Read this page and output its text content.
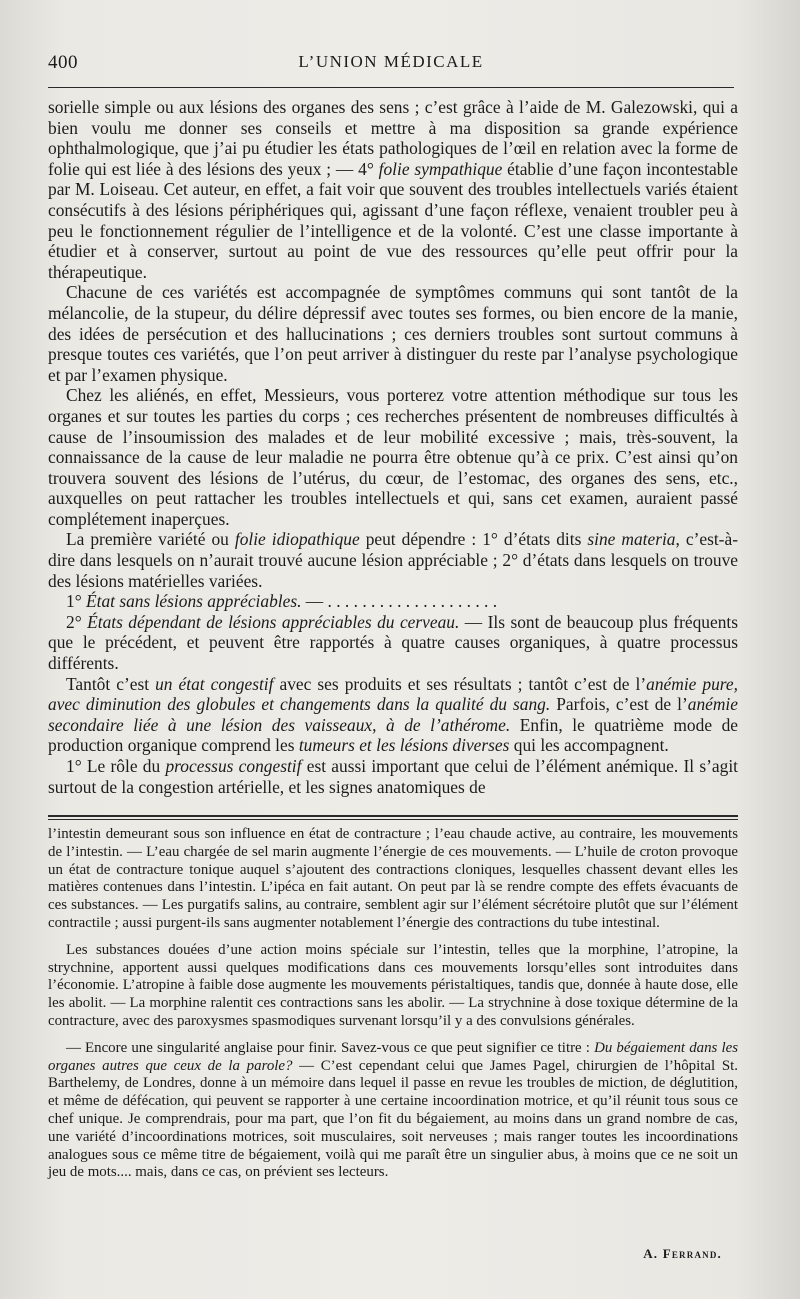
400	L’UNION MÉDICALE

sorielle simple ou aux lésions des organes des sens ; c’est grâce à l’aide de M. Galezowski, qui a bien voulu me donner ses conseils et mettre à ma disposition sa grande expérience ophthalmologique, que j’ai pu étudier les états pathologiques de l’œil en relation avec la forme de folie qui est liée à des lésions des yeux ; — 4° folie sympathique établie d’une façon incontestable par M. Loiseau. Cet auteur, en effet, a fait voir que souvent des troubles intellectuels variés étaient consécutifs à des lésions périphériques qui, agissant d’une façon réflexe, venaient troubler peu à peu le fonctionnement régulier de l’intelligence et de la volonté. C’est une classe importante à étudier et à conserver, surtout au point de vue des ressources qu’elle peut offrir pour la thérapeutique.

Chacune de ces variétés est accompagnée de symptômes communs qui sont tantôt de la mélancolie, de la stupeur, du délire dépressif avec toutes ses formes, ou bien encore de la manie, des idées de persécution et des hallucinations ; ces derniers troubles sont surtout communs à presque toutes ces variétés, que l’on peut arriver à distinguer du reste par l’analyse psychologique et par l’examen physique.

Chez les aliénés, en effet, Messieurs, vous porterez votre attention méthodique sur tous les organes et sur toutes les parties du corps ; ces recherches présentent de nombreuses difficultés à cause de l’insoumission des malades et de leur mobilité excessive ; mais, très-souvent, la connaissance de la cause de leur maladie ne pourra être obtenue qu’à ce prix. C’est ainsi qu’on trouvera souvent des lésions de l’utérus, du cœur, de l’estomac, des organes des sens, etc., auxquelles on peut rattacher les troubles intellectuels et qui, sans cet examen, auraient passé complétement inaperçues.

La première variété ou folie idiopathique peut dépendre : 1° d’états dits sine materia, c’est-à-dire dans lesquels on n’aurait trouvé aucune lésion appréciable ; 2° d’états dans lesquels on trouve des lésions matérielles variées.

1° État sans lésions appréciables. — . . . . . . . . . . . . . . . . . . . .

2° États dépendant de lésions appréciables du cerveau. — Ils sont de beaucoup plus fréquents que le précédent, et peuvent être rapportés à quatre causes organiques, à quatre processus différents.

Tantôt c’est un état congestif avec ses produits et ses résultats ; tantôt c’est de l’anémie pure, avec diminution des globules et changements dans la qualité du sang. Parfois, c’est de l’anémie secondaire liée à une lésion des vaisseaux, à de l’athérome. Enfin, le quatrième mode de production organique comprend les tumeurs et les lésions diverses qui les accompagnent.

1° Le rôle du processus congestif est aussi important que celui de l’élément anémique. Il s’agit surtout de la congestion artérielle, et les signes anatomiques de

l’intestin demeurant sous son influence en état de contracture ; l’eau chaude active, au contraire, les mouvements de l’intestin. — L’eau chargée de sel marin augmente l’énergie de ces mouvements. — L’huile de croton provoque un état de contracture tonique auquel s’ajoutent des contractions cloniques, lesquelles chassent devant elles les matières contenues dans l’intestin. L’ipéca en fait autant. On peut par là se rendre compte des effets évacuants de ces substances. — Les purgatifs salins, au contraire, semblent agir sur l’élément sécrétoire plutôt que sur l’élément contractile ; aussi purgent-ils sans augmenter notablement l’énergie des contractions du tube intestinal.

Les substances douées d’une action moins spéciale sur l’intestin, telles que la morphine, l’atropine, la strychnine, apportent aussi quelques modifications dans ces mouvements lorsqu’elles sont introduites dans l’économie. L’atropine à faible dose augmente les mouvements péristaltiques, tandis que, donnée à haute dose, elle les abolit. — La morphine ralentit ces contractions sans les abolir. — La strychnine à dose toxique détermine de la contracture, avec des paroxysmes spasmodiques survenant lorsqu’il y a des convulsions générales.

— Encore une singularité anglaise pour finir. Savez-vous ce que peut signifier ce titre : Du bégaiement dans les organes autres que ceux de la parole? — C’est cependant celui que James Pagel, chirurgien de l’hôpital St. Barthelemy, de Londres, donne à un mémoire dans lequel il passe en revue les troubles de miction, de déglutition, et même de défécation, qui peuvent se rapporter à une certaine incoordination motrice, et qu’il réunit tous sous ce chef unique. Je comprendrais, pour ma part, que l’on fit du bégaiement, au moins dans un grand nombre de cas, une variété d’incoordinations motrices, soit musculaires, soit nerveuses ; mais ranger toutes les incoordinations analogues sous ce même titre de bégaiement, voilà qui me paraît être un singulier abus, à moins que ce ne soit un jeu de mots.... mais, dans ce cas, on prévient ses lecteurs.

A. Ferrand.
